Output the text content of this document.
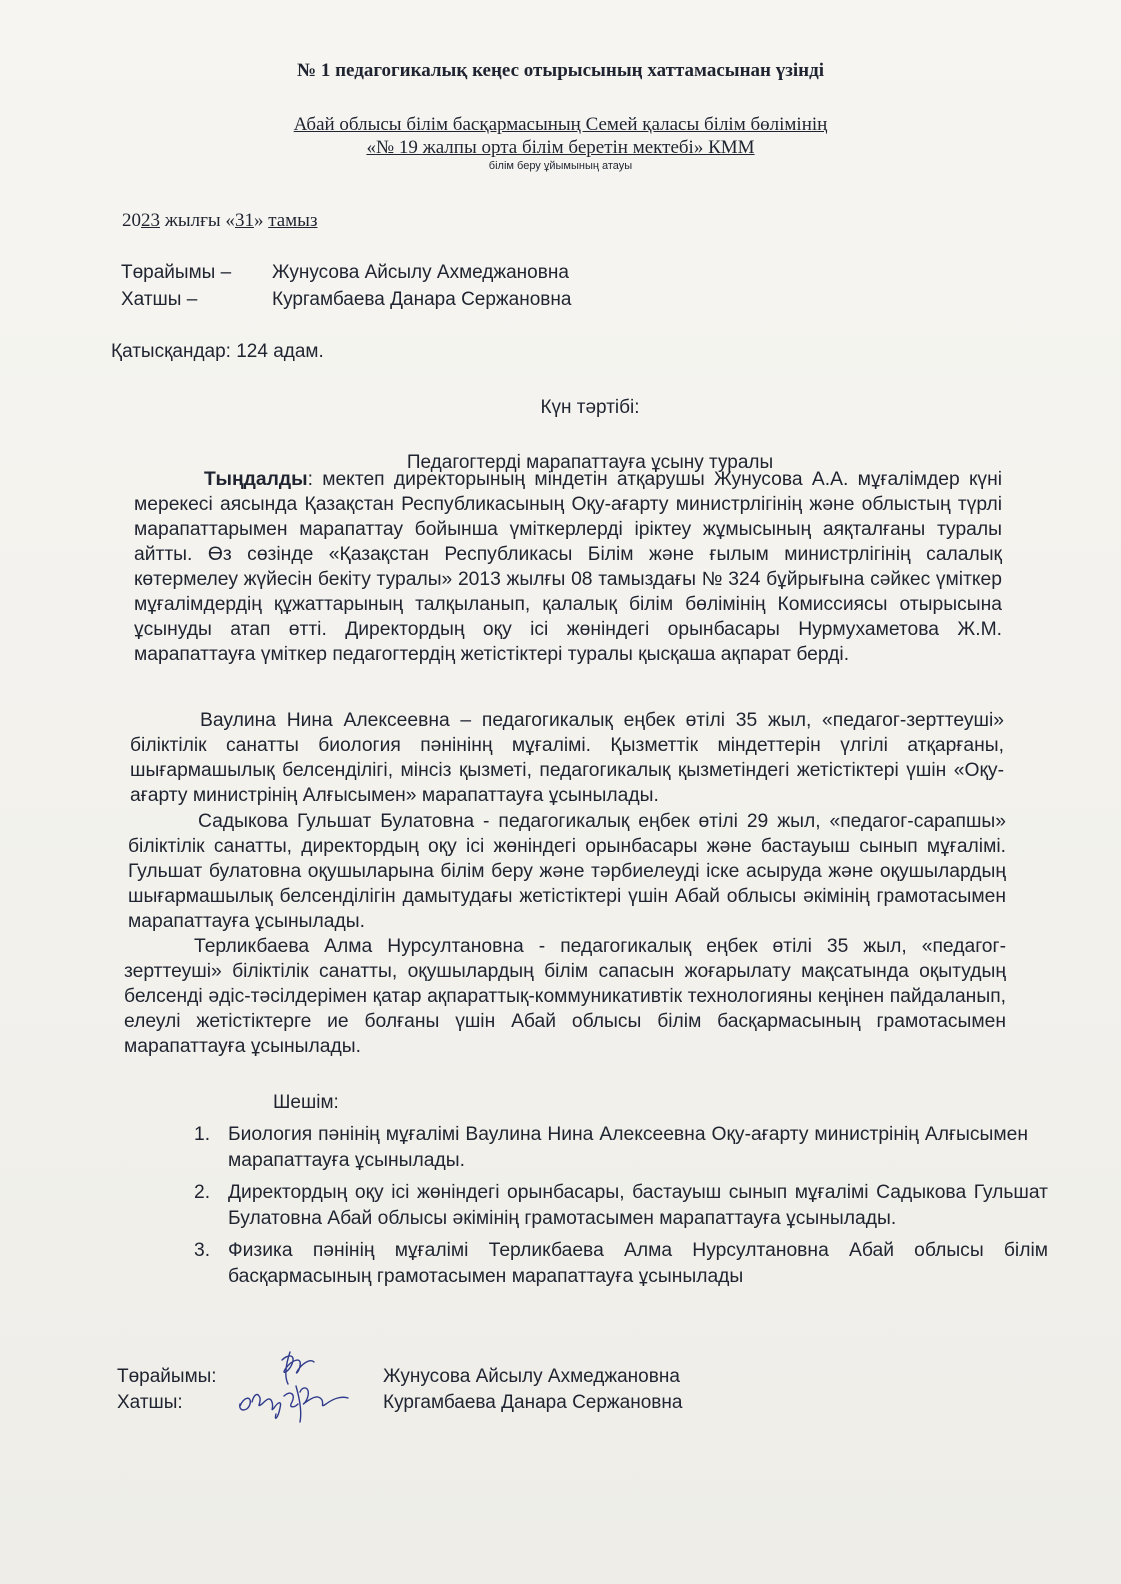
№ 1 педагогикалық кеңес отырысының хаттамасынан үзінді
Абай облысы білім басқармасының Семей қаласы білім бөлімінің
«№ 19 жалпы орта білім беретін мектебі» КММ
білім беру ұйымының атауы
2023 жылғы «31» тамыз
Төрайымы – Жунусова Айсылу Ахмеджановна
Хатшы –	Кургамбаева Данара Сержановна
Қатысқандар: 124 адам.
Күн тәртібі:
Педагогтерді марапаттауға ұсыну туралы
Тыңдалды: мектеп директорының міндетін атқарушы Жунусова А.А. мұғалімдер күні мерекесі аясында Қазақстан Республикасының Оқу-ағарту министрлігінің және облыстың түрлі марапаттарымен марапаттау бойынша үміткерлерді іріктеу жұмысының аяқталғаны туралы айтты. Өз сөзінде «Қазақстан Республикасы Білім және ғылым министрлігінің салалық көтермелеу жүйесін бекіту туралы» 2013 жылғы 08 тамыздағы № 324 бұйрығына сәйкес үміткер мұғалімдердің құжаттарының талқыланып, қалалық білім бөлімінің Комиссиясы отырысына ұсынуды атап өтті. Директордың оқу ісі жөніндегі орынбасары Нурмухаметова Ж.М. марапаттауға үміткер педагогтердің жетістіктері туралы қысқаша ақпарат берді.
Ваулина Нина Алексеевна – педагогикалық еңбек өтілі 35 жыл, «педагог-зерттеуші» біліктілік санатты биология пәнінінң мұғалімі. Қызметтік міндеттерін үлгілі атқарғаны, шығармашылық белсенділігі, мінсіз қызметі, педагогикалық қызметіндегі жетістіктері үшін «Оқу-ағарту министрінің Алғысымен» марапаттауға ұсынылады.
Садыкова Гульшат Булатовна - педагогикалық еңбек өтілі 29 жыл, «педагог-сарапшы» біліктілік санатты, директордың оқу ісі жөніндегі орынбасары және бастауыш сынып мұғалімі. Гульшат булатовна оқушыларына білім беру және тәрбиелеуді іске асыруда және оқушылардың шығармашылық белсенділігін дамытудағы жетістіктері үшін Абай облысы әкімінің грамотасымен марапаттауға ұсынылады.
Терликбаева Алма Нурсултановна - педагогикалық еңбек өтілі 35 жыл, «педагог-зерттеуші» біліктілік санатты, оқушылардың білім сапасын жоғарылату мақсатында оқытудың белсенді әдіс-тәсілдерімен қатар ақпараттық-коммуникативтік технологияны кеңінен пайдаланып, елеулі жетістіктерге ие болғаны үшін Абай облысы білім басқармасының грамотасымен марапаттауға ұсынылады.
Шешім:
1. Биология пәнінің мұғалімі Ваулина Нина Алексеевна Оқу-ағарту министрінің Алғысымен марапаттауға ұсынылады.
2. Директордың оқу ісі жөніндегі орынбасары, бастауыш сынып мұғалімі Садыкова Гульшат Булатовна Абай облысы әкімінің грамотасымен марапаттауға ұсынылады.
3. Физика пәнінің мұғалімі Терликбаева Алма Нурсултановна Абай облысы білім басқармасының грамотасымен марапаттауға ұсынылады
Төрайымы:	Жунусова Айсылу Ахмеджановна
Хатшы:	Кургамбаева Данара Сержановна
